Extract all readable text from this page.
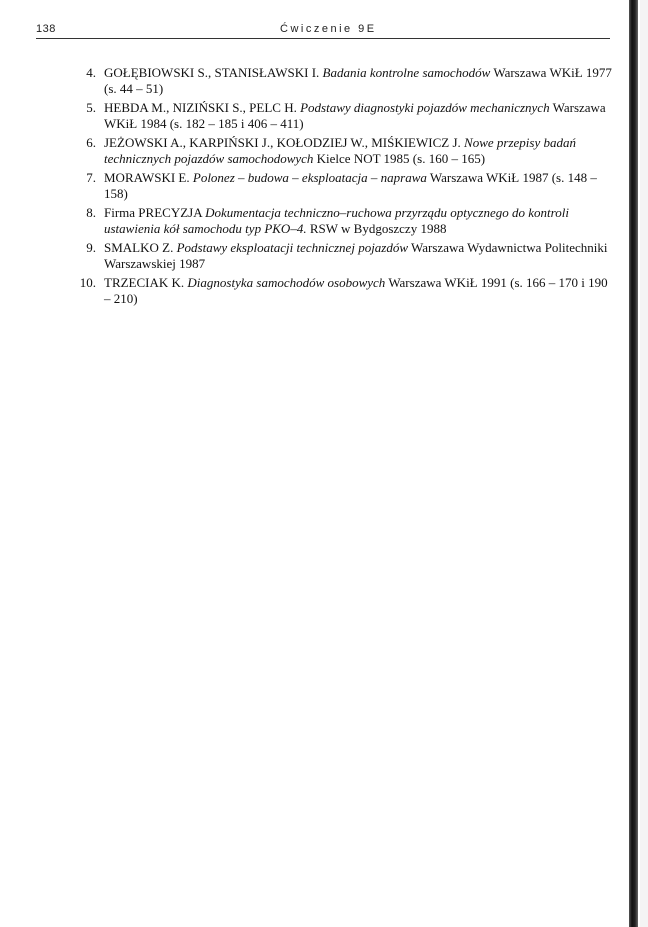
138	Ćwiczenie 9E
4. GOŁĘBIOWSKI S., STANISŁAWSKI I. Badania kontrolne samochodów Warszawa WKiŁ 1977 (s. 44 – 51)
5. HEBDA M., NIZIŃSKI S., PELC H. Podstawy diagnostyki pojazdów mechanicznych Warszawa WKiŁ 1984 (s. 182 – 185 i 406 – 411)
6. JEŻOWSKI A., KARPIŃSKI J., KOŁODZIEJ W., MIŚKIEWICZ J. Nowe przepisy badań technicznych pojazdów samochodowych Kielce NOT 1985 (s. 160 – 165)
7. MORAWSKI E. Polonez – budowa – eksploatacja – naprawa Warszawa WKiŁ 1987 (s. 148 – 158)
8. Firma PRECYZJA Dokumentacja techniczno–ruchowa przyrządu optycznego do kontroli ustawienia kół samochodu typ PKO–4. RSW w Bydgoszczy 1988
9. SMALKO Z. Podstawy eksploatacji technicznej pojazdów Warszawa Wydawnictwa Politechniki Warszawskiej 1987
10. TRZECIAK K. Diagnostyka samochodów osobowych Warszawa WKiŁ 1991 (s. 166 – 170 i 190 – 210)
